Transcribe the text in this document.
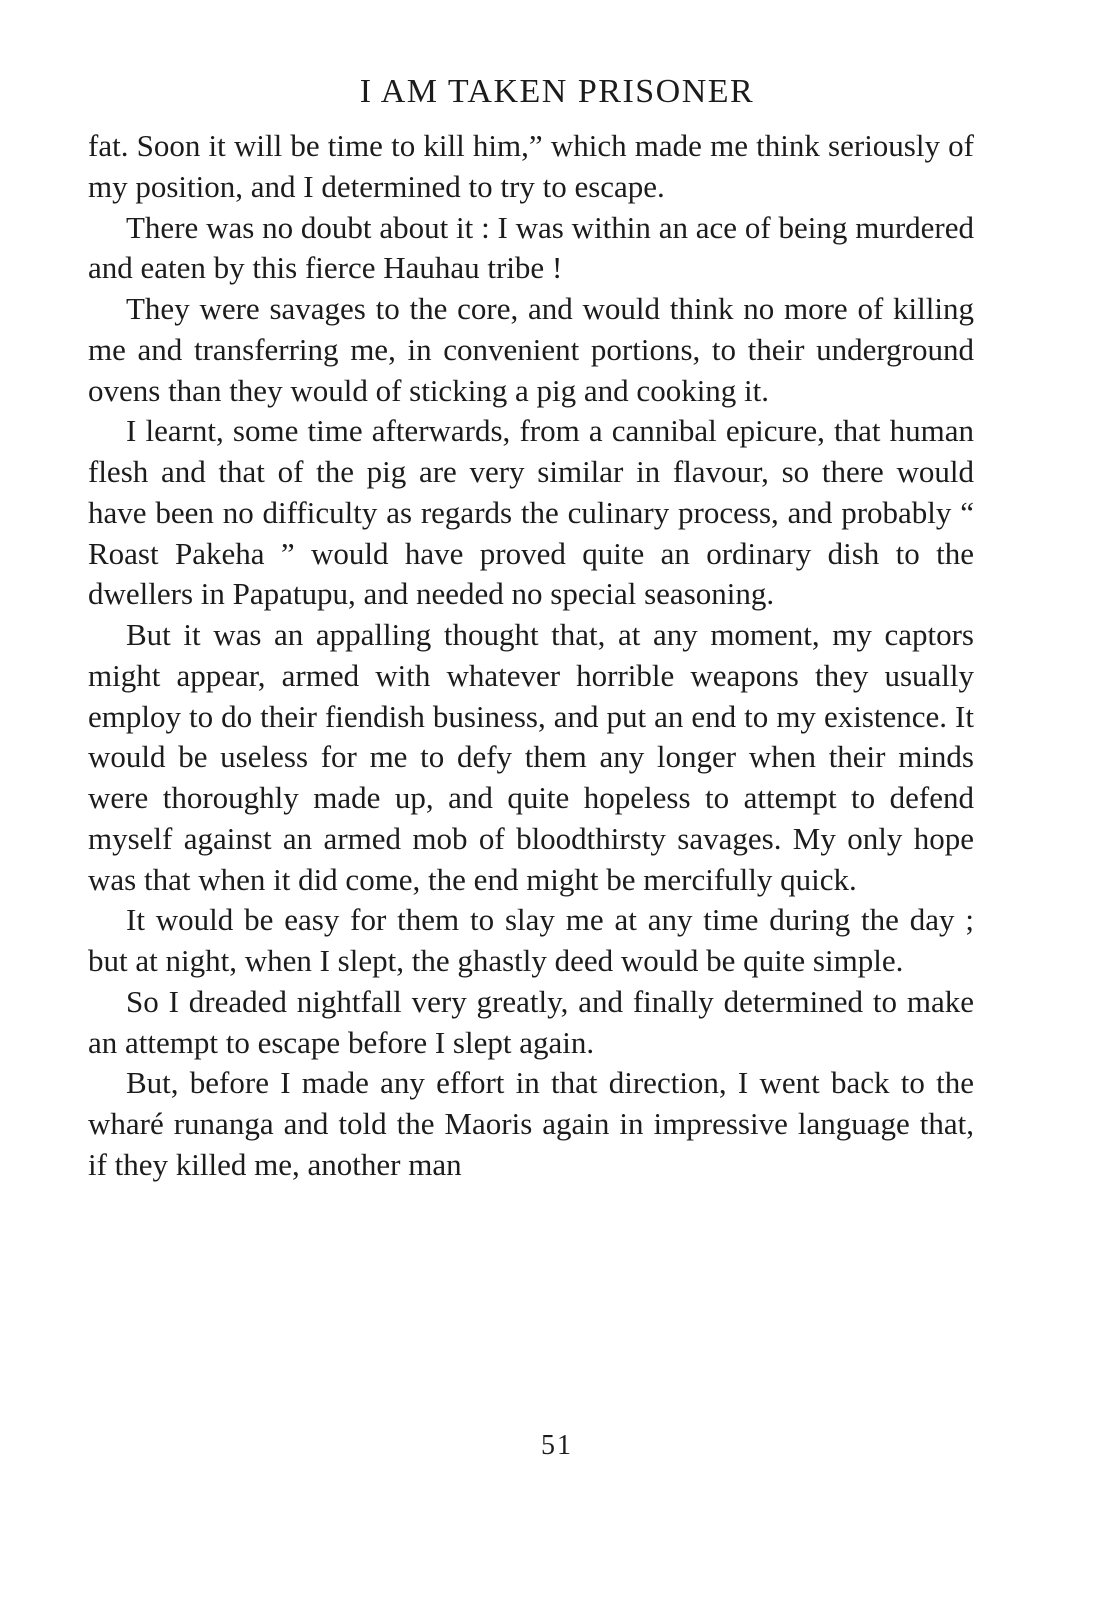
I AM TAKEN PRISONER

fat. Soon it will be time to kill him,” which made me think seriously of my position, and I determined to try to escape.

There was no doubt about it : I was within an ace of being murdered and eaten by this fierce Hauhau tribe !

They were savages to the core, and would think no more of killing me and transferring me, in convenient portions, to their underground ovens than they would of sticking a pig and cooking it.

I learnt, some time afterwards, from a cannibal epicure, that human flesh and that of the pig are very similar in flavour, so there would have been no difficulty as regards the culinary process, and probably “ Roast Pakeha ” would have proved quite an ordinary dish to the dwellers in Papatupu, and needed no special seasoning.

But it was an appalling thought that, at any moment, my captors might appear, armed with whatever horrible weapons they usually employ to do their fiendish business, and put an end to my existence. It would be useless for me to defy them any longer when their minds were thoroughly made up, and quite hopeless to attempt to defend myself against an armed mob of bloodthirsty savages. My only hope was that when it did come, the end might be mercifully quick.

It would be easy for them to slay me at any time during the day ; but at night, when I slept, the ghastly deed would be quite simple.

So I dreaded nightfall very greatly, and finally determined to make an attempt to escape before I slept again.

But, before I made any effort in that direction, I went back to the wharé runanga and told the Maoris again in impressive language that, if they killed me, another man

51
